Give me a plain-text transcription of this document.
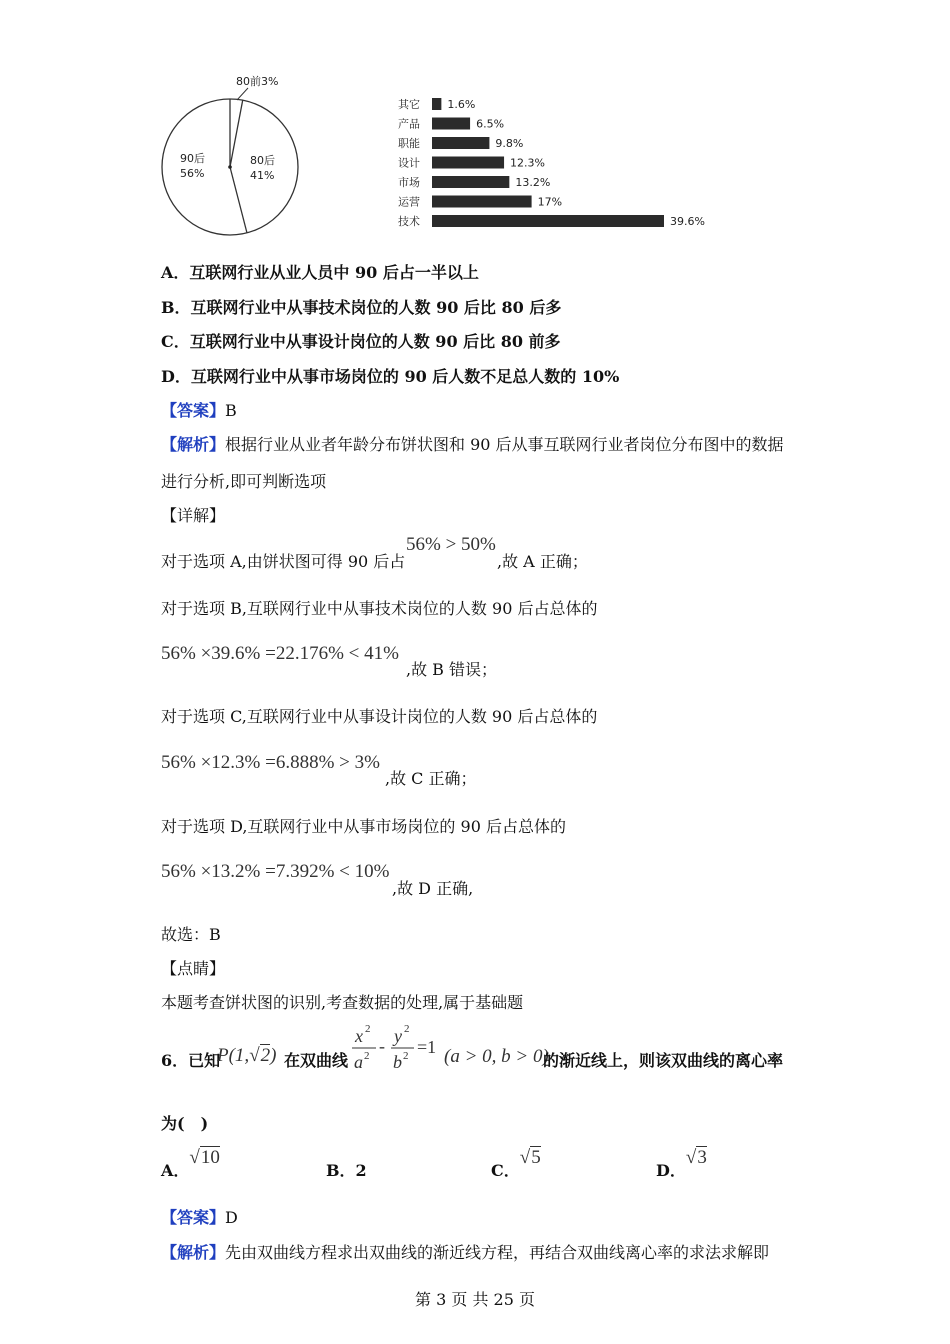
80前3%
90后
56%
80后
41%
其它 1.6%
产品	6.5%
职能	9.8%
设计	12.3%
市场	13.2%
运营	17%
技术	39.6%
A．互联网行业从业人员中 90 后占一半以上
B．互联网行业中从事技术岗位的人数 90 后比 80 后多
C．互联网行业中从事设计岗位的人数 90 后比 80 前多
D．互联网行业中从事市场岗位的 90 后人数不足总人数的 10%
【答案】B
【解析】根据行业从业者年龄分布饼状图和 90 后从事互联网行业者岗位分布图中的数据
进行分析,即可判断选项
【详解】
对于选项 A,由饼状图可得 90 后占
56% > 50%
,故 A 正确；
对于选项 B,互联网行业中从事技术岗位的人数 90 后占总体的
56% ×39.6% =22.176% < 41%
,故 B 错误；
对于选项 C,互联网行业中从事设计岗位的人数 90 后占总体的
56% ×12.3% =6.888% > 3%
,故 C 正确；
对于选项 D,互联网行业中从事市场岗位的 90 后占总体的
56% ×13.2% =7.392% < 10%
,故 D 正确,
故选：B
【点睛】
本题考查饼状图的识别,考查数据的处理,属于基础题
6．已知
P(1,√2) 在双曲线
x 2
a 2 - y 2
b 2 =1 (a > 0, b > 0)
的渐近线上，则该双曲线的离心率
为(　)
A．√10
B．2	C．√5
D．√3
【答案】D
【解析】先由双曲线方程求出双曲线的渐近线方程，再结合双曲线离心率的求法求解即
第 3 页 共 25 页
